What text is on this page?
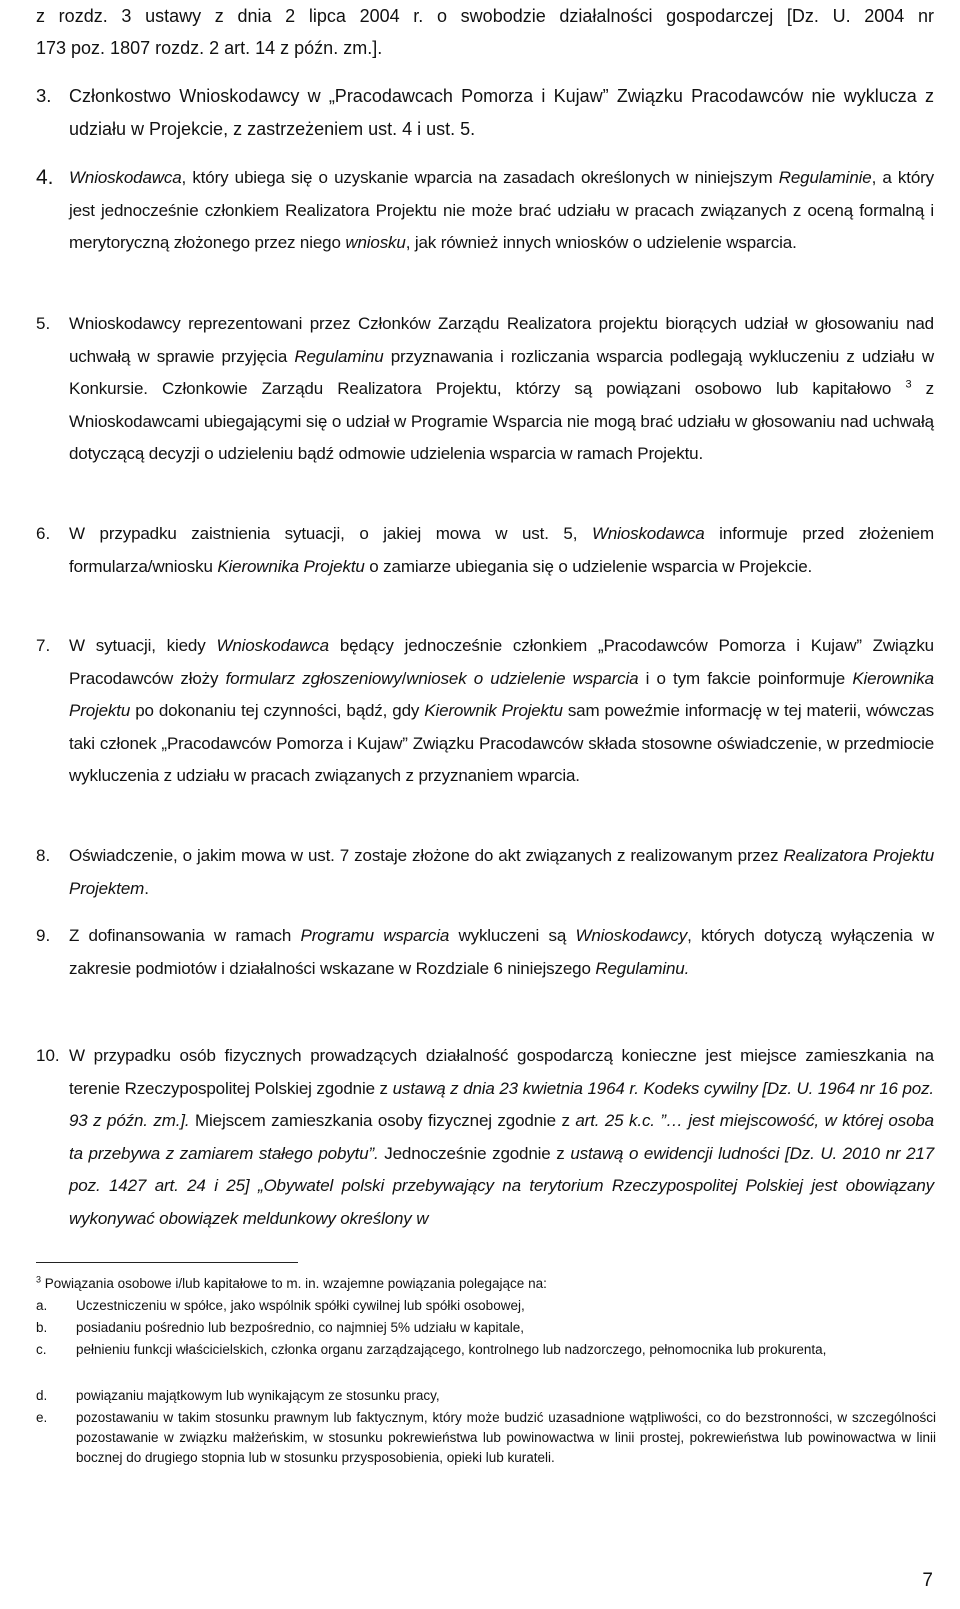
z rozdz. 3 ustawy z dnia 2 lipca 2004 r. o swobodzie działalności gospodarczej [Dz. U. 2004 nr
173 poz. 1807 rozdz. 2 art. 14 z późn. zm.].
3. Członkostwo Wnioskodawcy w „Pracodawcach Pomorza i Kujaw” Związku Pracodawców nie wyklucza z udziału w Projekcie, z zastrzeżeniem ust. 4 i ust. 5.

4. Wnioskodawca, który ubiega się o uzyskanie wparcia na zasadach określonych w niniejszym Regulaminie, a który jest jednocześnie członkiem Realizatora Projektu nie może brać udziału w pracach związanych z oceną formalną i merytoryczną złożonego przez niego wniosku, jak również innych wniosków o udzielenie wsparcia.

5. Wnioskodawcy reprezentowani przez Członków Zarządu Realizatora projektu biorących udział w głosowaniu nad uchwałą w sprawie przyjęcia Regulaminu przyznawania i rozliczania wsparcia podlegają wykluczeniu z udziału w Konkursie. Członkowie Zarządu Realizatora Projektu, którzy są powiązani osobowo lub kapitałowo $^3$ z Wnioskodawcami ubiegającymi się o udział w Programie Wsparcia nie mogą brać udziału w głosowaniu nad uchwałą dotyczącą decyzji o udzieleniu bądź odmowie udzielenia wsparcia w ramach Projektu.

6. W przypadku zaistnienia sytuacji, o jakiej mowa w ust. 5, Wnioskodawca informuje przed złożeniem formularza/wniosku Kierownika Projektu o zamiarze ubiegania się o udzielenie wsparcia w Projekcie.

7. W sytuacji, kiedy Wnioskodawca będący jednocześnie członkiem „Pracodawców Pomorza i Kujaw” Związku Pracodawców złoży formularz zgłoszeniowy/wniosek o udzielenie wsparcia i o tym fakcie poinformuje Kierownika Projektu po dokonaniu tej czynności, bądź, gdy Kierownik Projektu sam poweźmie informację w tej materii, wówczas taki członek „Pracodawców Pomorza i Kujaw” Związku Pracodawców składa stosowne oświadczenie, w przedmiocie wykluczenia z udziału w pracach związanych z przyznaniem wparcia.

8. Oświadczenie, o jakim mowa w ust. 7 zostaje złożone do akt związanych z realizowanym przez Realizatora Projektu Projektem.

9. Z dofinansowania w ramach Programu wsparcia wykluczeni są Wnioskodawcy, których dotyczą wyłączenia w zakresie podmiotów i działalności wskazane w Rozdziale 6 niniejszego Regulaminu.

10. W przypadku osób fizycznych prowadzących działalność gospodarczą konieczne jest miejsce zamieszkania na terenie Rzeczypospolitej Polskiej zgodnie z ustawą z dnia 23 kwietnia 1964 r. Kodeks cywilny [Dz. U. 1964 nr 16 poz. 93 z późn. zm.]. Miejscem zamieszkania osoby fizycznej zgodnie z art. 25 k.c. ”… jest miejscowość, w której osoba ta przebywa z zamiarem stałego pobytu”. Jednocześnie zgodnie z ustawą o ewidencji ludności [Dz. U. 2010 nr 217 poz. 1427 art. 24 i 25] „Obywatel polski przebywający na terytorium Rzeczypospolitej Polskiej jest obowiązany wykonywać obowiązek meldunkowy określony w

$^3$ Powiązania osobowe i/lub kapitałowe to m. in. wzajemne powiązania polegające na:
a. Uczestniczeniu w spółce, jako wspólnik spółki cywilnej lub spółki osobowej,
b. posiadaniu pośrednio lub bezpośrednio, co najmniej 5% udziału w kapitale,
c. pełnieniu funkcji właścicielskich, członka organu zarządzającego, kontrolnego lub nadzorczego, pełnomocnika lub prokurenta,
d. powiązaniu majątkowym lub wynikającym ze stosunku pracy,
e. pozostawaniu w takim stosunku prawnym lub faktycznym, który może budzić uzasadnione wątpliwości, co do bezstronności, w szczególności pozostawanie w związku małżeńskim, w stosunku pokrewieństwa lub powinowactwa w linii prostej, pokrewieństwa lub powinowactwa w linii bocznej do drugiego stopnia lub w stosunku przysposobienia, opieki lub kurateli.
7
